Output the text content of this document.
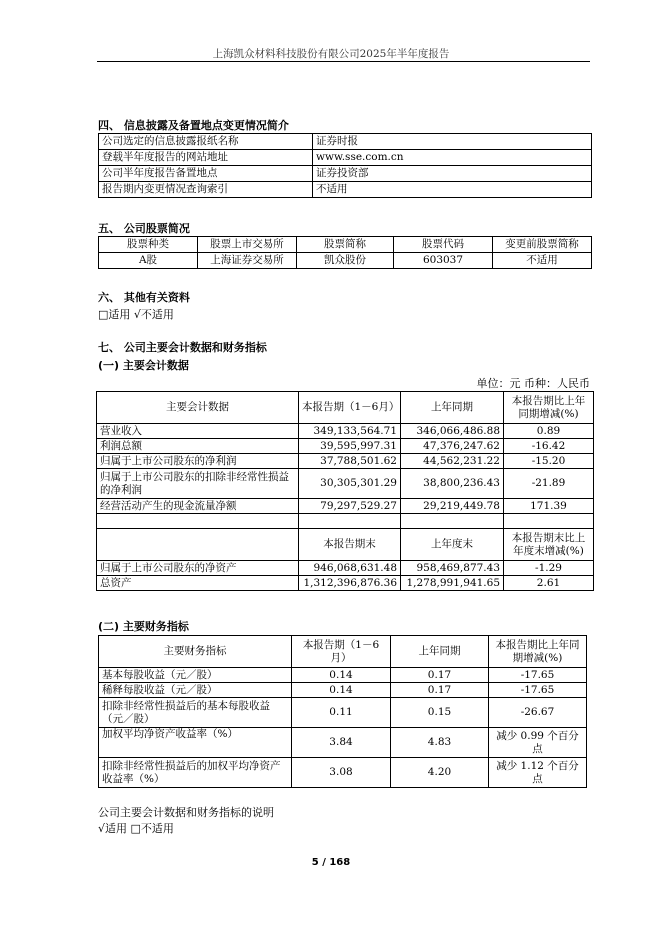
上海凯众材料科技股份有限公司2025年半年度报告
四、 信息披露及备置地点变更情况简介
公司选定的信息披露报纸名称	证券时报
登载半年度报告的网站地址	www.sse.com.cn
公司半年度报告备置地点	证券投资部
报告期内变更情况查询索引	不适用
五、 公司股票简况
股票种类	股票上市交易所	股票简称	股票代码	变更前股票简称
A股	上海证券交易所	凯众股份	603037	不适用
六、 其他有关资料
□适用 √不适用
七、 公司主要会计数据和财务指标
(一) 主要会计数据
单位：元 币种：人民币
主要会计数据	本报告期（1－6月）	上年同期	本报告期比上年同期增减(%)
营业收入	349,133,564.71	346,066,486.88	0.89
利润总额	39,595,997.31	47,376,247.62	-16.42
归属于上市公司股东的净利润	37,788,501.62	44,562,231.22	-15.20
归属于上市公司股东的扣除非经常性损益的净利润	30,305,301.29	38,800,236.43	-21.89
经营活动产生的现金流量净额	79,297,529.27	29,219,449.78	171.39

	本报告期末	上年度末	本报告期末比上年度末增减(%)
归属于上市公司股东的净资产	946,068,631.48	958,469,877.43	-1.29
总资产	1,312,396,876.36	1,278,991,941.65	2.61
(二) 主要财务指标
主要财务指标	本报告期（1－6月）	上年同期	本报告期比上年同期增减(%)
基本每股收益（元／股）	0.14	0.17	-17.65
稀释每股收益（元／股）	0.14	0.17	-17.65
扣除非经常性损益后的基本每股收益（元／股）	0.11	0.15	-26.67
加权平均净资产收益率（%）	3.84	4.83	减少 0.99 个百分点
扣除非经常性损益后的加权平均净资产收益率（%）	3.08	4.20	减少 1.12 个百分点
公司主要会计数据和财务指标的说明
√适用 □不适用
5 / 168
